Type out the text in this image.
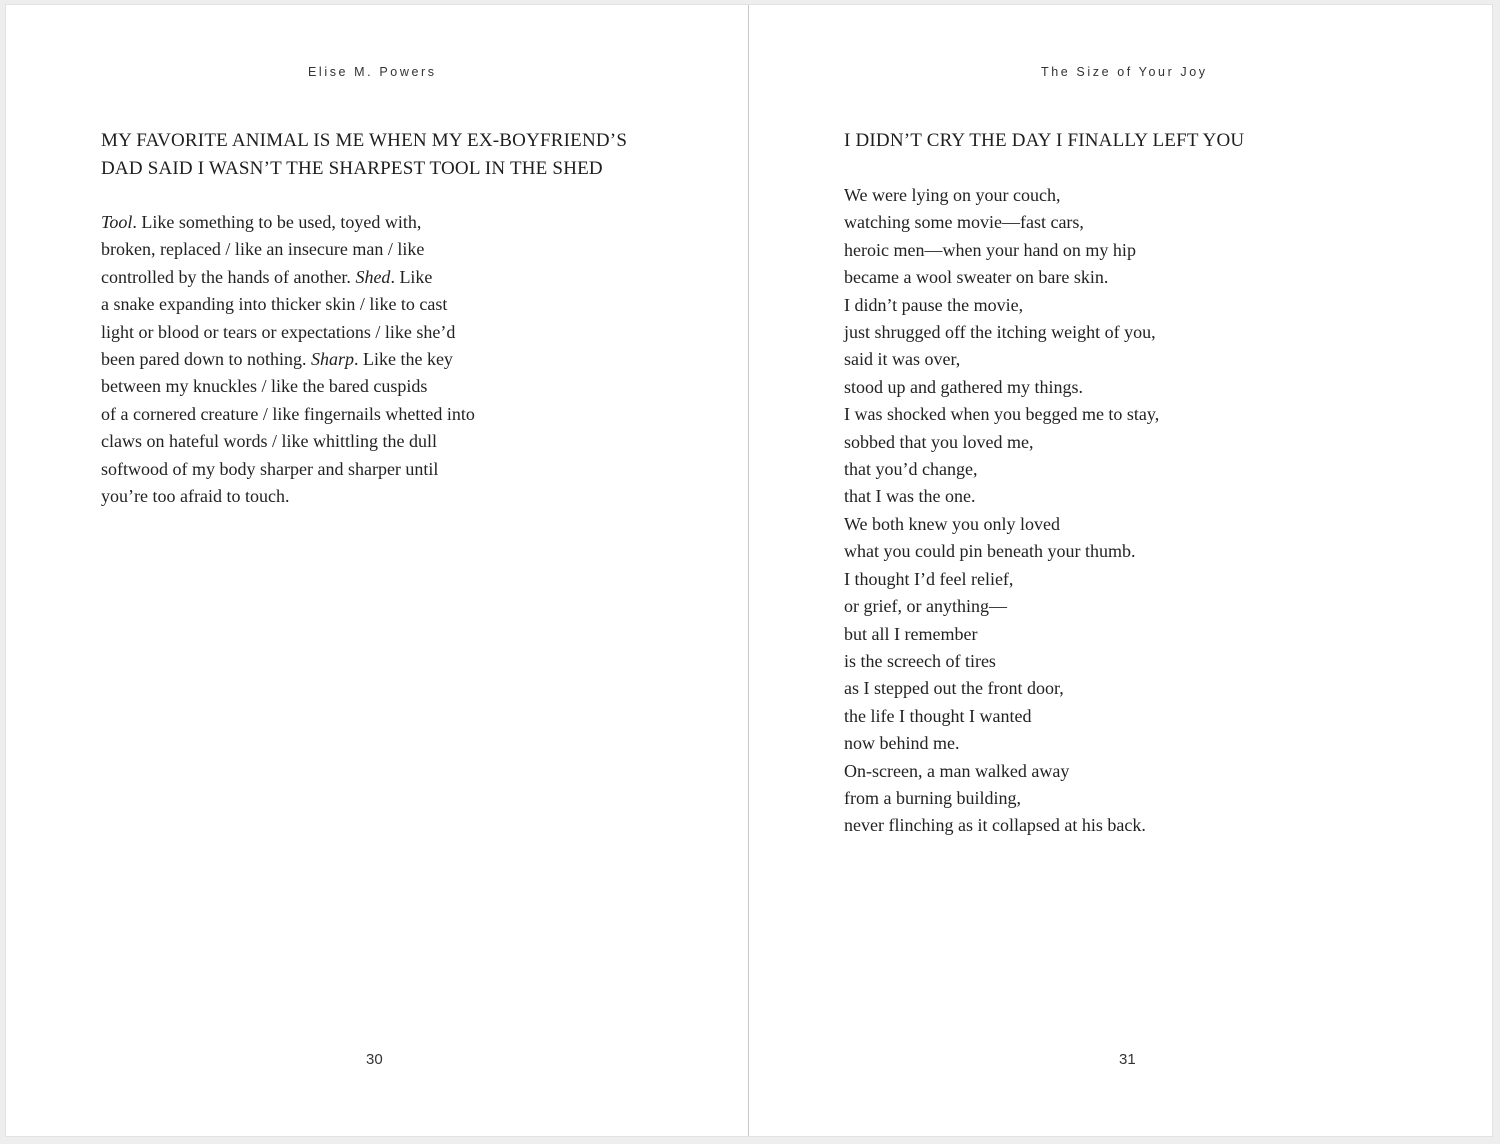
Elise M. Powers
MY FAVORITE ANIMAL IS ME WHEN MY EX-BOYFRIEND’S
DAD SAID I WASN’T THE SHARPEST TOOL IN THE SHED
Tool. Like something to be used, toyed with,
broken, replaced / like an insecure man / like
controlled by the hands of another. Shed. Like
a snake expanding into thicker skin / like to cast
light or blood or tears or expectations / like she’d
been pared down to nothing. Sharp. Like the key
between my knuckles / like the bared cuspids
of a cornered creature / like fingernails whetted into
claws on hateful words / like whittling the dull
softwood of my body sharper and sharper until
you’re too afraid to touch.
30
The Size of Your Joy
I DIDN’T CRY THE DAY I FINALLY LEFT YOU
We were lying on your couch,
watching some movie—fast cars,
heroic men—when your hand on my hip
became a wool sweater on bare skin.
I didn’t pause the movie,
just shrugged off the itching weight of you,
said it was over,
stood up and gathered my things.
I was shocked when you begged me to stay,
sobbed that you loved me,
that you’d change,
that I was the one.
We both knew you only loved
what you could pin beneath your thumb.
I thought I’d feel relief,
or grief, or anything—
but all I remember
is the screech of tires
as I stepped out the front door,
the life I thought I wanted
now behind me.
On-screen, a man walked away
from a burning building,
never flinching as it collapsed at his back.
31
